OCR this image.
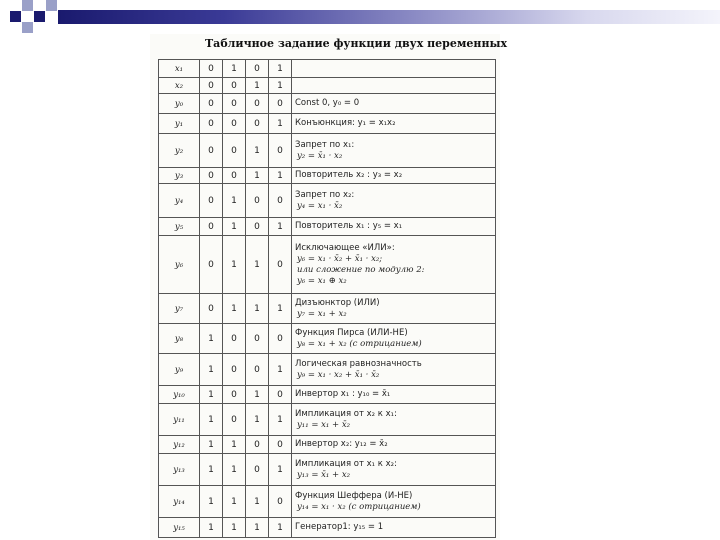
Табличное задание функции двух переменных
x₁	0	1	0	1	
x₂	0	0	1	1	
y₀	0	0	0	0	Const 0, y₀ = 0

y₁	0	0	0	1	Конъюнкция: y₁ = x₁x₂

y₂	0	0	1	0	Запрет по x₁:
y₂ = x̄₁ · x₂

y₃	0	0	1	1	Повторитель x₂ : y₃ = x₂

y₄	0	1	0	0	Запрет по x₂:
y₄ = x₁ · x̄₂

y₅	0	1	0	1	Повторитель x₁ : y₅ = x₁

y₆	0	1	1	0	Исключающее «ИЛИ»:
y₆ = x₁ · x̄₂ + x̄₁ · x₂;
или сложение по модулю 2:
y₆ = x₁ ⊕ x₂

y₇	0	1	1	1	Дизъюнктор (ИЛИ)
y₇ = x₁ + x₂

y₈	1	0	0	0	Функция Пирса (ИЛИ-НЕ)
y₈ = x₁ + x₂ (с отрицанием)

y₉	1	0	0	1	Логическая равнозначность
y₉ = x₁ · x₂ + x̄₁ · x̄₂

y₁₀	1	0	1	0	Инвертор x₁ : y₁₀ = x̄₁

y₁₁	1	0	1	1	Импликация от x₂ к x₁:
y₁₁ = x₁ + x̄₂

y₁₂	1	1	0	0	Инвертор x₂: y₁₂ = x̄₂

y₁₃	1	1	0	1	Импликация от x₁ к x₂:
y₁₃ = x̄₁ + x₂

y₁₄	1	1	1	0	Функция Шеффера (И-НЕ)
y₁₄ = x₁ · x₂ (с отрицанием)

y₁₅	1	1	1	1	Генератор1: y₁₅ = 1
